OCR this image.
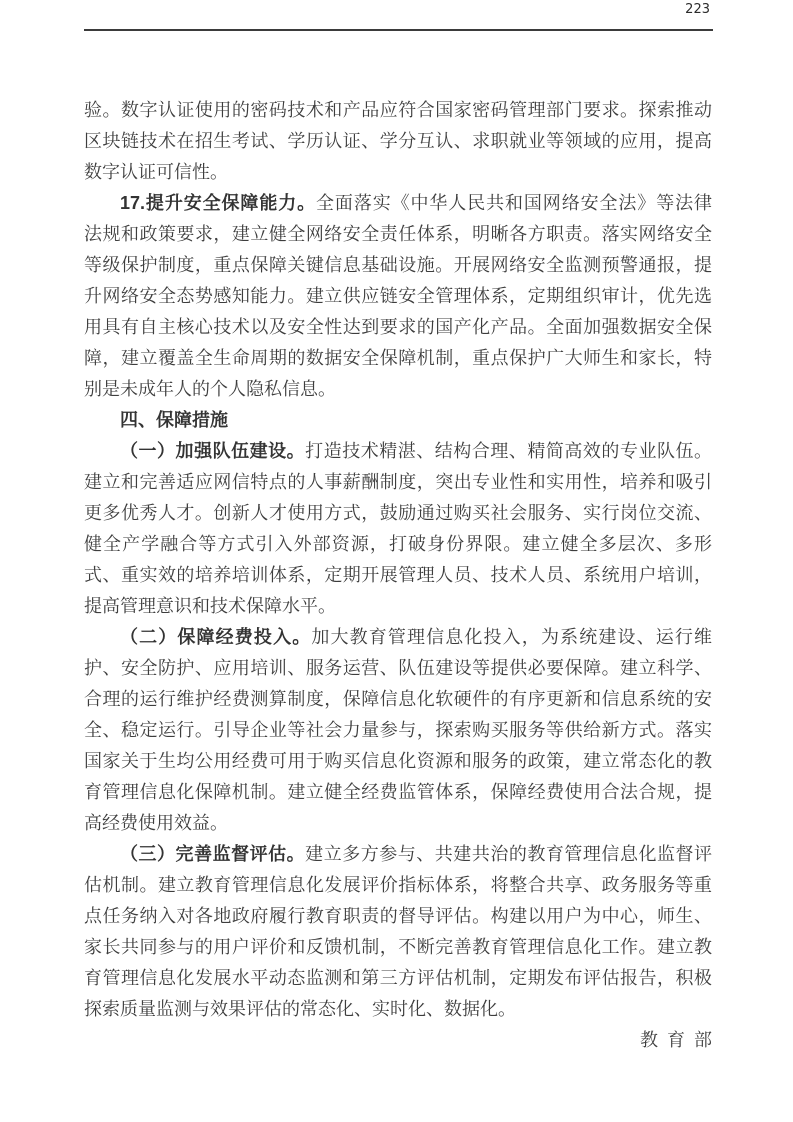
223
验。数字认证使用的密码技术和产品应符合国家密码管理部门要求。探索推动
区块链技术在招生考试、学历认证、学分互认、求职就业等领域的应用，提高
数字认证可信性。
17.提升安全保障能力。全面落实《中华人民共和国网络安全法》等法律
法规和政策要求，建立健全网络安全责任体系，明晰各方职责。落实网络安全
等级保护制度，重点保障关键信息基础设施。开展网络安全监测预警通报，提
升网络安全态势感知能力。建立供应链安全管理体系，定期组织审计，优先选
用具有自主核心技术以及安全性达到要求的国产化产品。全面加强数据安全保
障，建立覆盖全生命周期的数据安全保障机制，重点保护广大师生和家长，特
别是未成年人的个人隐私信息。
四、保障措施
（一）加强队伍建设。打造技术精湛、结构合理、精简高效的专业队伍。
建立和完善适应网信特点的人事薪酬制度，突出专业性和实用性，培养和吸引
更多优秀人才。创新人才使用方式，鼓励通过购买社会服务、实行岗位交流、
健全产学融合等方式引入外部资源，打破身份界限。建立健全多层次、多形
式、重实效的培养培训体系，定期开展管理人员、技术人员、系统用户培训，
提高管理意识和技术保障水平。
（二）保障经费投入。加大教育管理信息化投入，为系统建设、运行维
护、安全防护、应用培训、服务运营、队伍建设等提供必要保障。建立科学、
合理的运行维护经费测算制度，保障信息化软硬件的有序更新和信息系统的安
全、稳定运行。引导企业等社会力量参与，探索购买服务等供给新方式。落实
国家关于生均公用经费可用于购买信息化资源和服务的政策，建立常态化的教
育管理信息化保障机制。建立健全经费监管体系，保障经费使用合法合规，提
高经费使用效益。
（三）完善监督评估。建立多方参与、共建共治的教育管理信息化监督评
估机制。建立教育管理信息化发展评价指标体系，将整合共享、政务服务等重
点任务纳入对各地政府履行教育职责的督导评估。构建以用户为中心，师生、
家长共同参与的用户评价和反馈机制，不断完善教育管理信息化工作。建立教
育管理信息化发展水平动态监测和第三方评估机制，定期发布评估报告，积极
探索质量监测与效果评估的常态化、实时化、数据化。
教育部
